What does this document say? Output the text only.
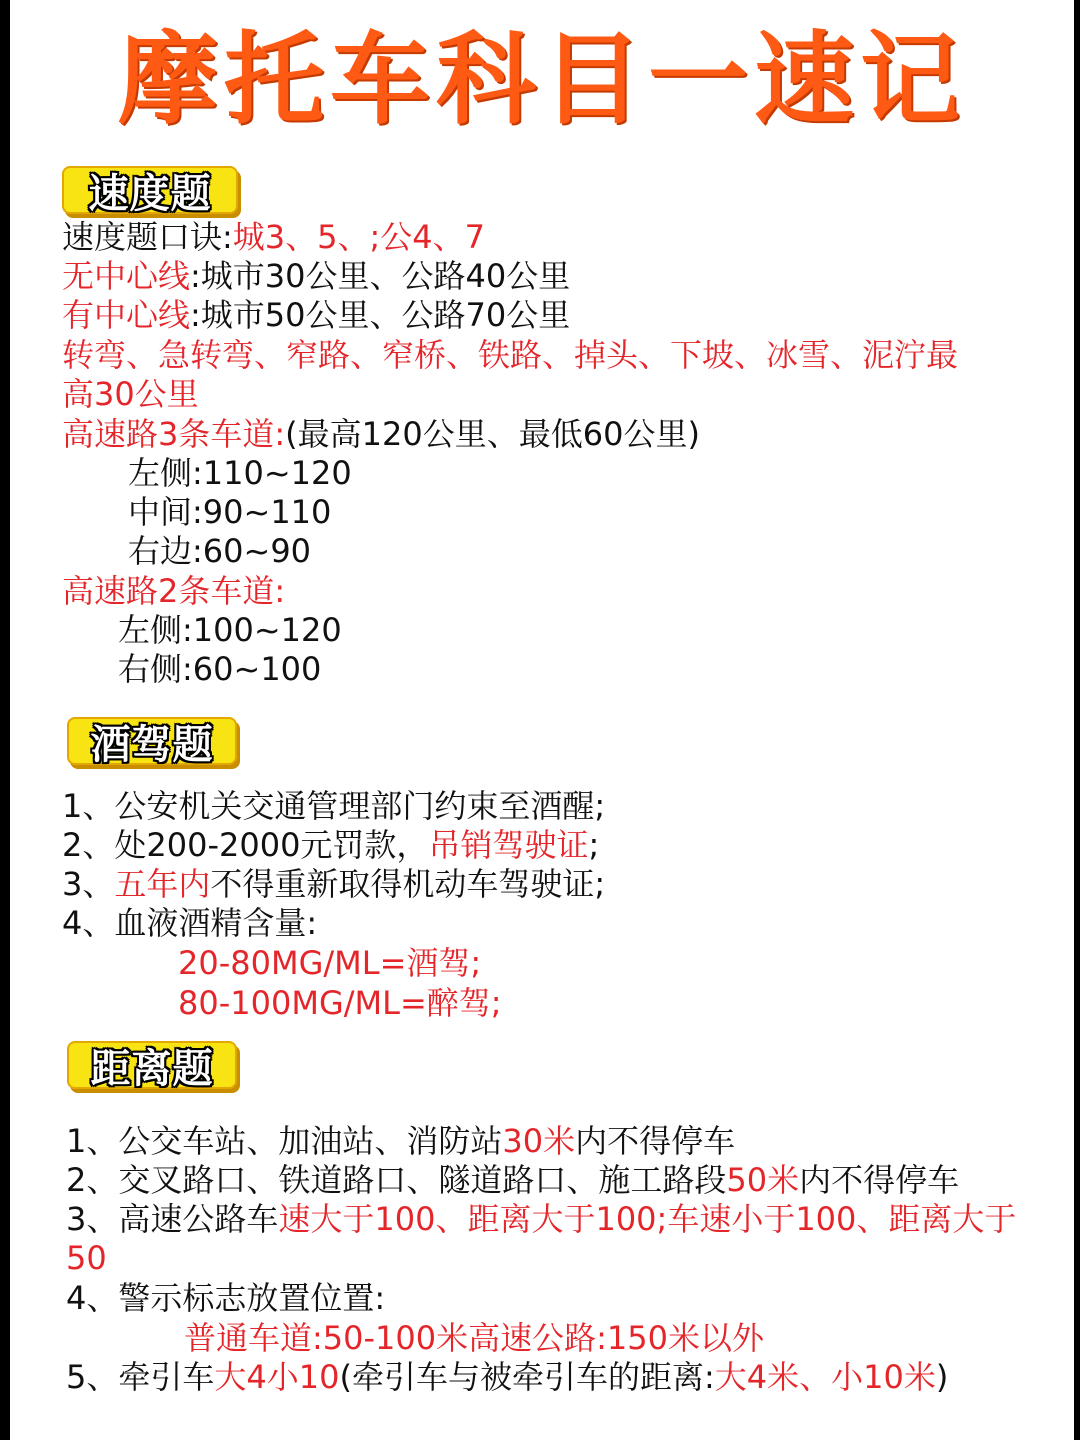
摩托车科目一速记
速度题
速度题口诀:城3、5、;公4、7
无中心线:城市30公里、公路40公里
有中心线:城市50公里、公路70公里
转弯、急转弯、窄路、窄桥、铁路、掉头、下坡、冰雪、泥泞最
高30公里
高速路3条车道:(最高120公里、最低60公里)
左侧:110~120
中间:90~110
右边:60~90
高速路2条车道:
左侧:100~120
右侧:60~100
酒驾题
1、公安机关交通管理部门约束至酒醒;
2、处200-2000元罚款，吊销驾驶证;
3、五年内不得重新取得机动车驾驶证;
4、血液酒精含量:
20-80MG/ML=酒驾;
80-100MG/ML=醉驾;
距离题
1、公交车站、加油站、消防站30米内不得停车
2、交叉路口、铁道路口、隧道路口、施工路段50米内不得停车
3、高速公路车速大于100、距离大于100;车速小于100、距离大于
50
4、警示标志放置位置:
普通车道:50-100米高速公路:150米以外
5、牵引车大4小10(牵引车与被牵引车的距离:大4米、小10米)
